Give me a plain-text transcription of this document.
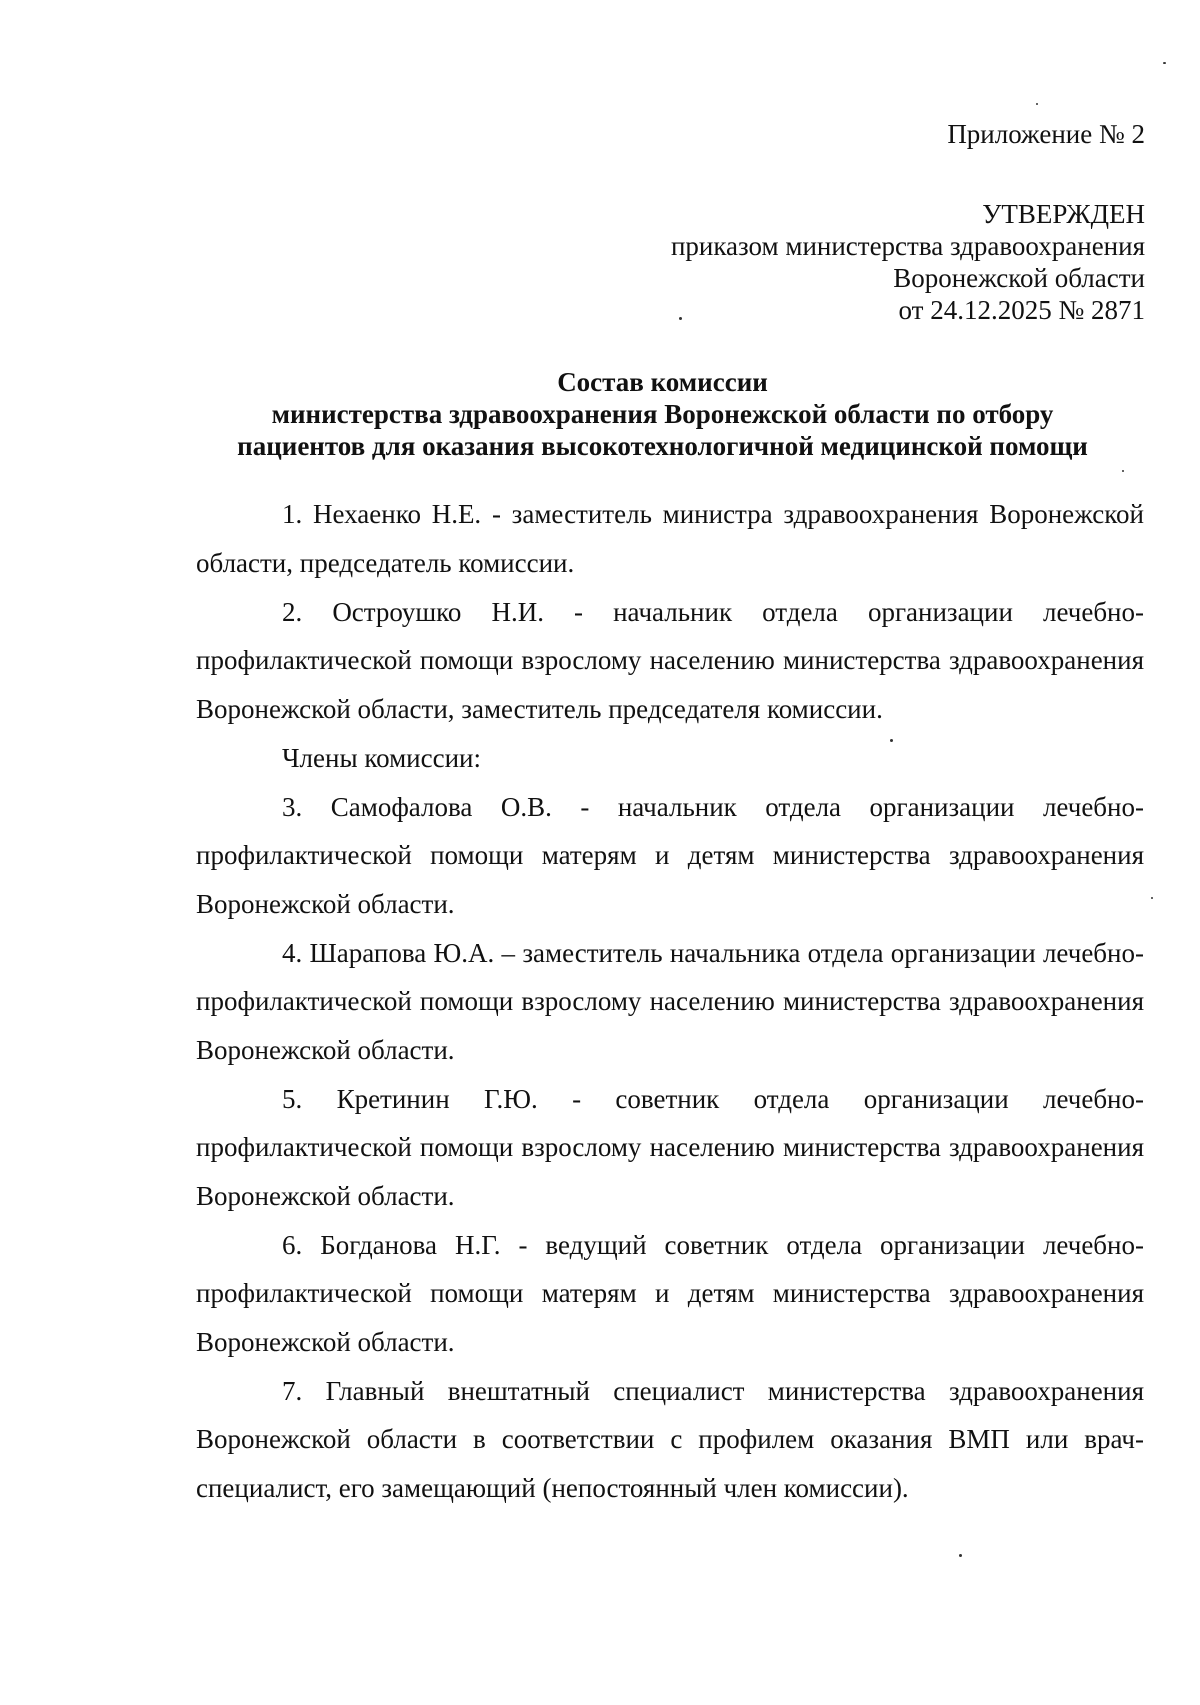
Приложение № 2
УТВЕРЖДЕН
приказом министерства здравоохранения
Воронежской области
от 24.12.2025 № 2871
Состав комиссии
министерства здравоохранения Воронежской области по отбору
пациентов для оказания высокотехнологичной медицинской помощи

1. Нехаенко Н.Е. - заместитель министра здравоохранения Воронежской области, председатель комиссии.

2. Остроушко Н.И. - начальник отдела организации лечебно-профилактической помощи взрослому населению министерства здравоохранения Воронежской области, заместитель председателя комиссии.

Члены комиссии:

3. Самофалова О.В. - начальник отдела организации лечебно-профилактической помощи матерям и детям министерства здравоохранения Воронежской области.

4. Шарапова Ю.А. – заместитель начальника отдела организации лечебно-профилактической помощи взрослому населению министерства здравоохранения Воронежской области.

5. Кретинин Г.Ю. - советник отдела организации лечебно-профилактической помощи взрослому населению министерства здравоохранения Воронежской области.

6. Богданова Н.Г. - ведущий советник отдела организации лечебно-профилактической помощи матерям и детям министерства здравоохранения Воронежской области.

7. Главный внештатный специалист министерства здравоохранения Воронежской области в соответствии с профилем оказания ВМП или врач-специалист, его замещающий (непостоянный член комиссии).
